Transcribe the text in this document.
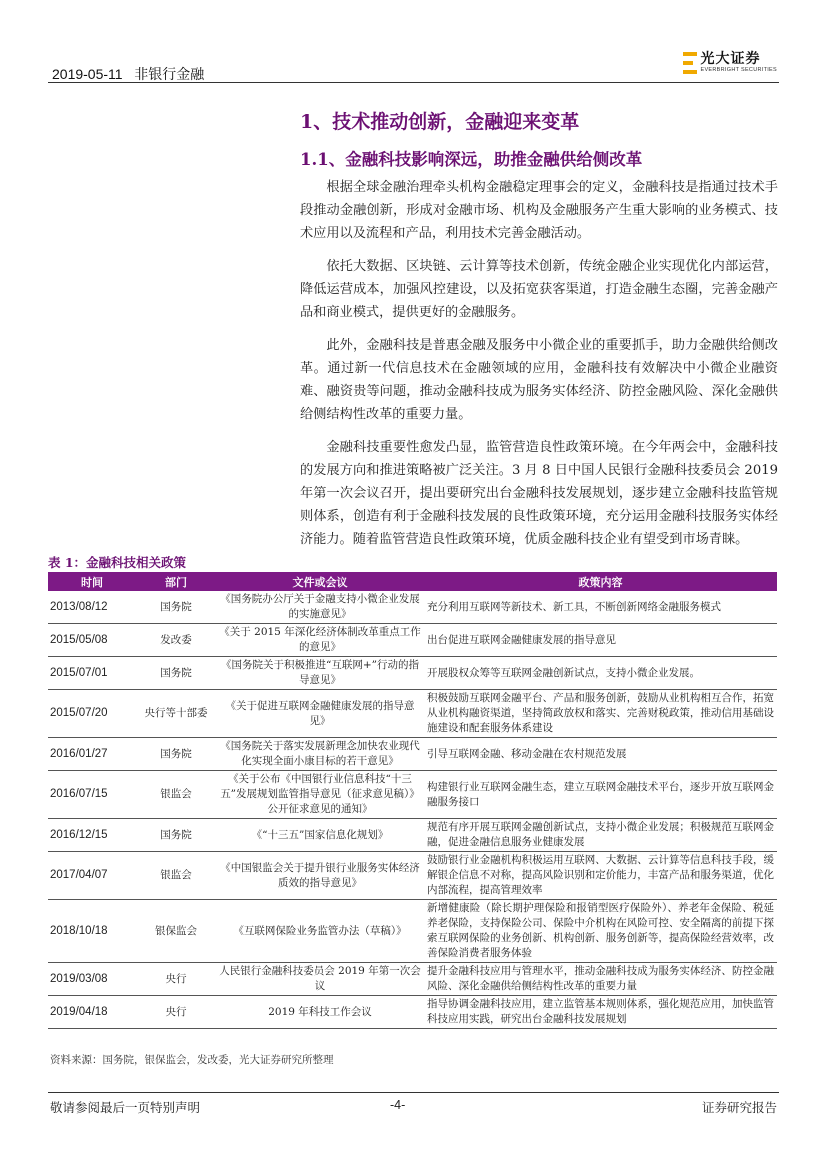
2019-05-11 非银行金融
光大证券
EVERBRIGHT SECURITIES
1、技术推动创新，金融迎来变革
1.1、金融科技影响深远，助推金融供给侧改革

根据全球金融治理牵头机构金融稳定理事会的定义，金融科技是指通过技术手段推动金融创新，形成对金融市场、机构及金融服务产生重大影响的业务模式、技术应用以及流程和产品，利用技术完善金融活动。

依托大数据、区块链、云计算等技术创新，传统金融企业实现优化内部运营，降低运营成本，加强风控建设，以及拓宽获客渠道，打造金融生态圈，完善金融产品和商业模式，提供更好的金融服务。

此外，金融科技是普惠金融及服务中小微企业的重要抓手，助力金融供给侧改革。通过新一代信息技术在金融领域的应用，金融科技有效解决中小微企业融资难、融资贵等问题，推动金融科技成为服务实体经济、防控金融风险、深化金融供给侧结构性改革的重要力量。

金融科技重要性愈发凸显，监管营造良性政策环境。在今年两会中，金融科技的发展方向和推进策略被广泛关注。3 月 8 日中国人民银行金融科技委员会 2019 年第一次会议召开，提出要研究出台金融科技发展规划，逐步建立金融科技监管规则体系，创造有利于金融科技发展的良性政策环境，充分运用金融科技服务实体经济能力。随着监管营造良性政策环境，优质金融科技企业有望受到市场青睐。

表 1：金融科技相关政策
时间	部门	文件或会议	政策内容
2013/08/12	国务院	《国务院办公厅关于金融支持小微企业发展的实施意见》	充分利用互联网等新技术、新工具，不断创新网络金融服务模式
2015/05/08	发改委	《关于 2015 年深化经济体制改革重点工作的意见》	出台促进互联网金融健康发展的指导意见
2015/07/01	国务院	《国务院关于积极推进“互联网+”行动的指导意见》	开展股权众筹等互联网金融创新试点，支持小微企业发展。
2015/07/20	央行等十部委	《关于促进互联网金融健康发展的指导意见》	积极鼓励互联网金融平台、产品和服务创新，鼓励从业机构相互合作，拓宽从业机构融资渠道，坚持简政放权和落实、完善财税政策，推动信用基础设施建设和配套服务体系建设
2016/01/27	国务院	《国务院关于落实发展新理念加快农业现代化实现全面小康目标的若干意见》	引导互联网金融、移动金融在农村规范发展
2016/07/15	银监会	《关于公布《中国银行业信息科技“十三五”发展规划监管指导意见（征求意见稿）》公开征求意见的通知》	构建银行业互联网金融生态，建立互联网金融技术平台，逐步开放互联网金融服务接口
2016/12/15	国务院	《“十三五”国家信息化规划》	规范有序开展互联网金融创新试点，支持小微企业发展；积极规范互联网金融，促进金融信息服务业健康发展
2017/04/07	银监会	《中国银监会关于提升银行业服务实体经济质效的指导意见》	鼓励银行业金融机构积极运用互联网、大数据、云计算等信息科技手段，缓解银企信息不对称，提高风险识别和定价能力，丰富产品和服务渠道，优化内部流程，提高管理效率
2018/10/18	银保监会	《互联网保险业务监管办法（草稿）》	新增健康险（除长期护理保险和报销型医疗保险外）、养老年金保险、税延养老保险，支持保险公司、保险中介机构在风险可控、安全隔离的前提下探索互联网保险的业务创新、机构创新、服务创新等，提高保险经营效率，改善保险消费者服务体验
2019/03/08	央行	人民银行金融科技委员会 2019 年第一次会议	提升金融科技应用与管理水平，推动金融科技成为服务实体经济、防控金融风险、深化金融供给侧结构性改革的重要力量
2019/04/18	央行	2019 年科技工作会议	指导协调金融科技应用，建立监管基本规则体系，强化规范应用，加快监管科技应用实践，研究出台金融科技发展规划
资料来源：国务院，银保监会，发改委，光大证券研究所整理
敬请参阅最后一页特别声明	-4-	证券研究报告
